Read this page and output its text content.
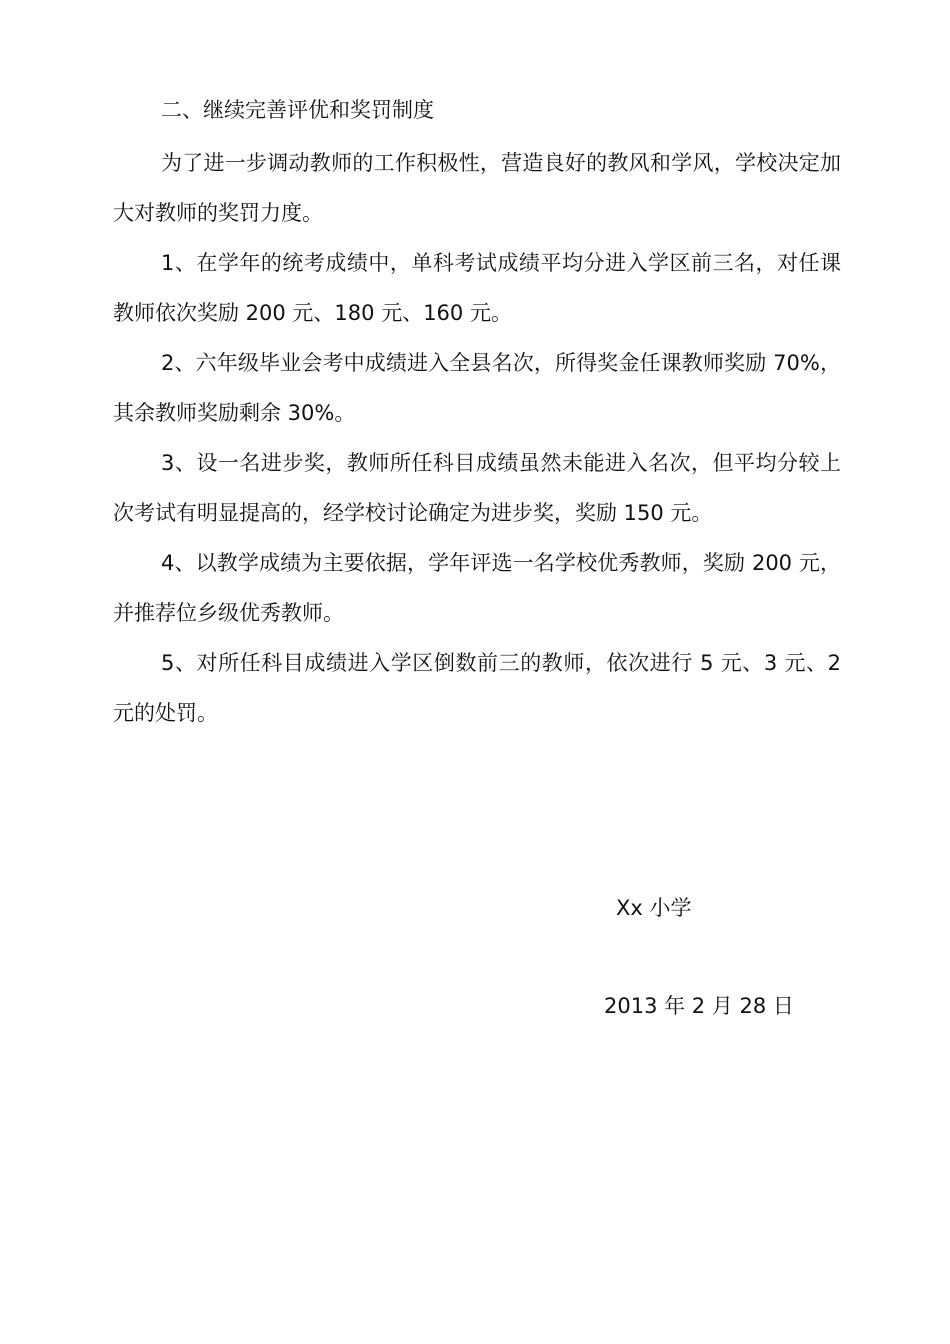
二、继续完善评优和奖罚制度

为了进一步调动教师的工作积极性，营造良好的教风和学风，学校决定加大对教师的奖罚力度。

1、在学年的统考成绩中，单科考试成绩平均分进入学区前三名，对任课教师依次奖励 200 元、180 元、160 元。

2、六年级毕业会考中成绩进入全县名次，所得奖金任课教师奖励 70%，其余教师奖励剩余 30%。

3、设一名进步奖，教师所任科目成绩虽然未能进入名次，但平均分较上次考试有明显提高的，经学校讨论确定为进步奖，奖励 150 元。

4、以教学成绩为主要依据，学年评选一名学校优秀教师，奖励 200 元，并推荐位乡级优秀教师。

5、对所任科目成绩进入学区倒数前三的教师，依次进行 5 元、3 元、2 元的处罚。

Xx 小学
2013 年 2 月 28 日
